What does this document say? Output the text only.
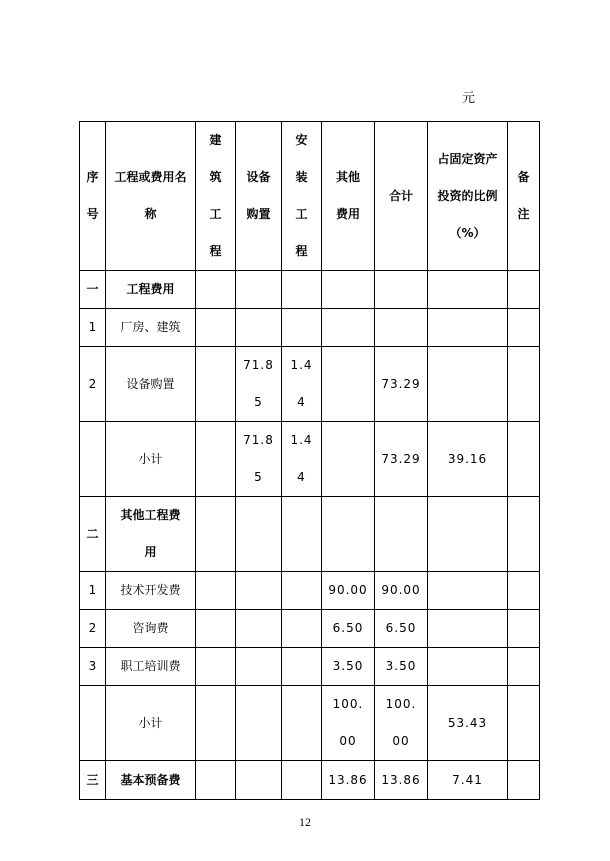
元
序号	工程或费用名称	建筑工程	设备购置	安装工程	其他费用	合计	占固定资产投资的比例（%）	备注
一	工程费用							
1	厂房、建筑							
2	设备购置		71.85	1.44		73.29		
	小计		71.85	1.44		73.29	39.16	
二	其他工程费用							
1	技术开发费				90.00	90.00		
2	咨询费				6.50	6.50		
3	职工培训费				3.50	3.50		
	小计				100.00	100.00	53.43	
三	基本预备费				13.86	13.86	7.41	
12
